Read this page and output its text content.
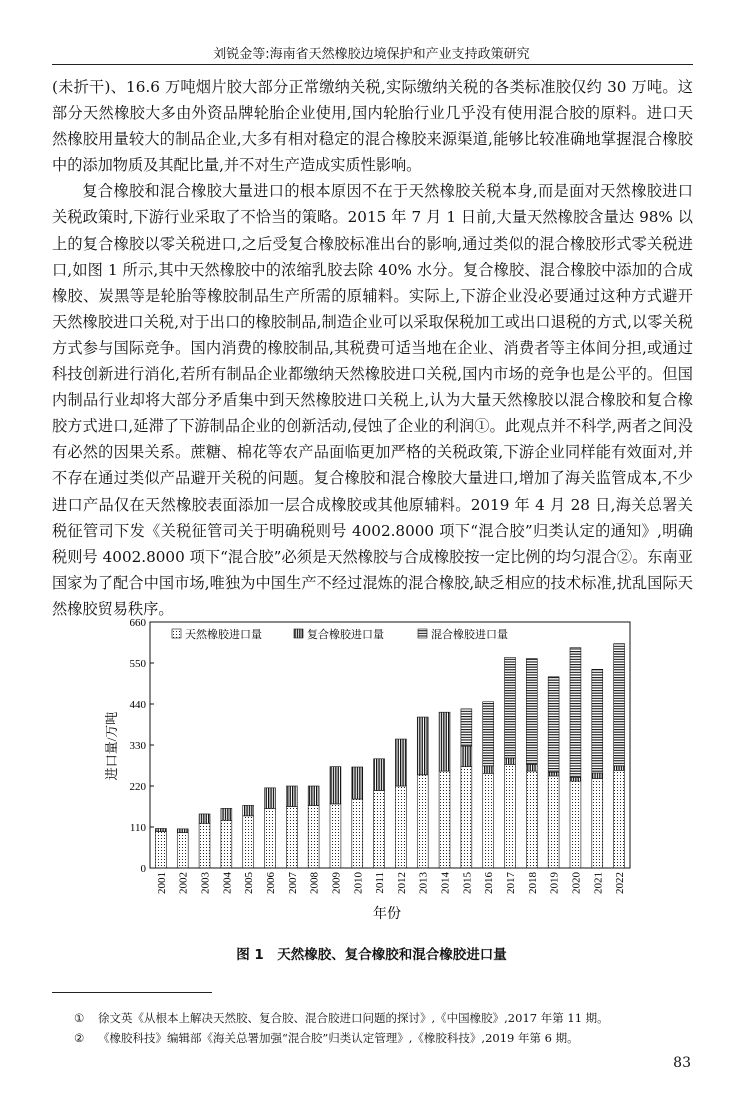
刘锐金等:海南省天然橡胶边境保护和产业支持政策研究

(未折干)、16.6 万吨烟片胶大部分正常缴纳关税,实际缴纳关税的各类标准胶仅约 30 万吨。这部分天然橡胶大多由外资品牌轮胎企业使用,国内轮胎行业几乎没有使用混合胶的原料。进口天然橡胶用量较大的制品企业,大多有相对稳定的混合橡胶来源渠道,能够比较准确地掌握混合橡胶中的添加物质及其配比量,并不对生产造成实质性影响。

复合橡胶和混合橡胶大量进口的根本原因不在于天然橡胶关税本身,而是面对天然橡胶进口关税政策时,下游行业采取了不恰当的策略。2015 年 7 月 1 日前,大量天然橡胶含量达 98% 以上的复合橡胶以零关税进口,之后受复合橡胶标准出台的影响,通过类似的混合橡胶形式零关税进口,如图 1 所示,其中天然橡胶中的浓缩乳胶去除 40% 水分。复合橡胶、混合橡胶中添加的合成橡胶、炭黑等是轮胎等橡胶制品生产所需的原辅料。实际上,下游企业没必要通过这种方式避开天然橡胶进口关税,对于出口的橡胶制品,制造企业可以采取保税加工或出口退税的方式,以零关税方式参与国际竞争。国内消费的橡胶制品,其税费可适当地在企业、消费者等主体间分担,或通过科技创新进行消化,若所有制品企业都缴纳天然橡胶进口关税,国内市场的竞争也是公平的。但国内制品行业却将大部分矛盾集中到天然橡胶进口关税上,认为大量天然橡胶以混合橡胶和复合橡胶方式进口,延滞了下游制品企业的创新活动,侵蚀了企业的利润①。此观点并不科学,两者之间没有必然的因果关系。蔗糖、棉花等农产品面临更加严格的关税政策,下游企业同样能有效面对,并不存在通过类似产品避开关税的问题。复合橡胶和混合橡胶大量进口,增加了海关监管成本,不少进口产品仅在天然橡胶表面添加一层合成橡胶或其他原辅料。2019 年 4 月 28 日,海关总署关税征管司下发《关税征管司关于明确税则号 4002.8000 项下“混合胶”归类认定的通知》,明确税则号 4002.8000 项下“混合胶”必须是天然橡胶与合成橡胶按一定比例的均匀混合②。东南亚国家为了配合中国市场,唯独为中国生产不经过混炼的混合橡胶,缺乏相应的技术标准,扰乱国际天然橡胶贸易秩序。

0
110
220
330
440
550
660
2001 2002 2003 2004 2005 2006 2007 2008 2009 2010 2011 2012 2013 2014 2015 2016 2017 2018 2019 2020 2021 2022
天然橡胶进口量	复合橡胶进口量	混合橡胶进口量
进口量/万吨
年份
图 1　天然橡胶、复合橡胶和混合橡胶进口量
① 徐文英《从根本上解决天然胶、复合胶、混合胶进口问题的探讨》,《中国橡胶》,2017 年第 11 期。
② 《橡胶科技》编辑部《海关总署加强“混合胶”归类认定管理》,《橡胶科技》,2019 年第 6 期。
83
